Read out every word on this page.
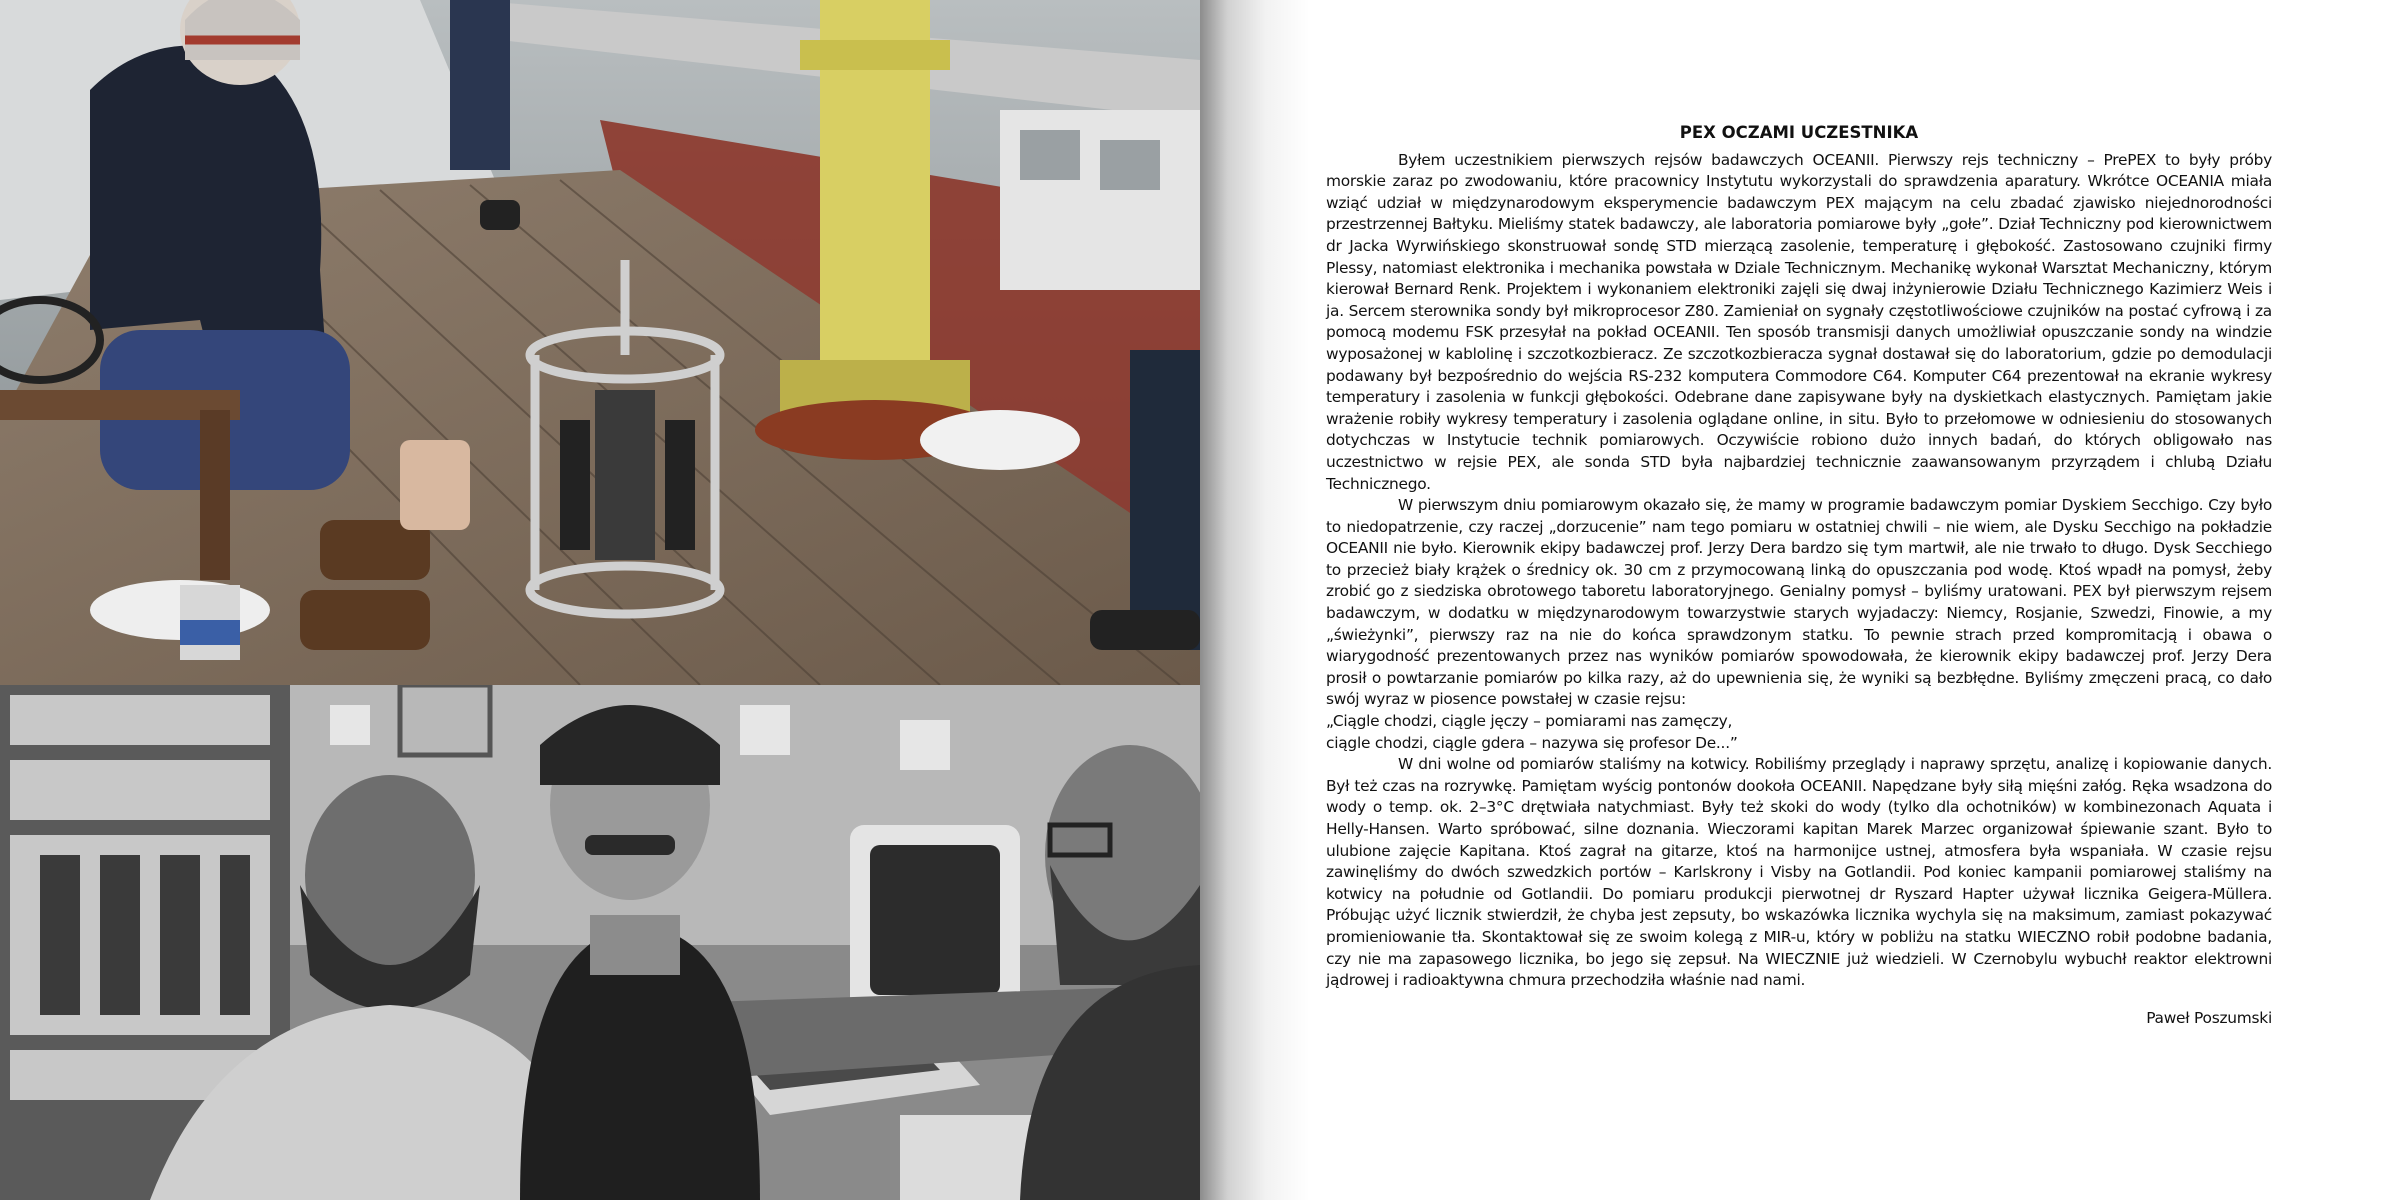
PEX OCZAMI UCZESTNIKA

Byłem uczestnikiem pierwszych rejsów badawczych OCEANII. Pierwszy rejs techniczny – PrePEX to były próby morskie zaraz po zwodowaniu, które pracownicy Instytutu wykorzystali do sprawdzenia aparatury. Wkrótce OCEANIA miała wziąć udział w międzynarodowym eksperymencie badawczym PEX mającym na celu zbadać zjawisko niejednorodności przestrzennej Bałtyku. Mieliśmy statek badawczy, ale laboratoria pomiarowe były „gołe”. Dział Techniczny pod kierownictwem dr Jacka Wyrwińskiego skonstruował sondę STD mierzącą zasolenie, temperaturę i głębokość. Zastosowano czujniki firmy Plessy, natomiast elektronika i mechanika powstała w Dziale Technicznym. Mechanikę wykonał Warsztat Mechaniczny, którym kierował Bernard Renk. Projektem i wykonaniem elektroniki zajęli się dwaj inżynierowie Działu Technicznego Kazimierz Weis i ja. Sercem sterownika sondy był mikroprocesor Z80. Zamieniał on sygnały częstotliwościowe czujników na postać cyfrową i za pomocą modemu FSK przesyłał na pokład OCEANII. Ten sposób transmisji danych umożliwiał opuszczanie sondy na windzie wyposażonej w kablolinę i szczotkozbieracz. Ze szczotkozbieracza sygnał dostawał się do laboratorium, gdzie po demodulacji podawany był bezpośrednio do wejścia RS-232 komputera Commodore C64. Komputer C64 prezentował na ekranie wykresy temperatury i zasolenia w funkcji głębokości. Odebrane dane zapisywane były na dyskietkach elastycznych. Pamiętam jakie wrażenie robiły wykresy temperatury i zasolenia oglądane online, in situ. Było to przełomowe w odniesieniu do stosowanych dotychczas w Instytucie technik pomiarowych. Oczywiście robiono dużo innych badań, do których obligowało nas uczestnictwo w rejsie PEX, ale sonda STD była najbardziej technicznie zaawansowanym przyrządem i chlubą Działu Technicznego.

W pierwszym dniu pomiarowym okazało się, że mamy w programie badawczym pomiar Dyskiem Secchigo. Czy było to niedopatrzenie, czy raczej „dorzucenie” nam tego pomiaru w ostatniej chwili – nie wiem, ale Dysku Secchigo na pokładzie OCEANII nie było. Kierownik ekipy badawczej prof. Jerzy Dera bardzo się tym martwił, ale nie trwało to długo. Dysk Secchiego to przecież biały krążek o średnicy ok. 30 cm z przymocowaną linką do opuszczania pod wodę. Ktoś wpadł na pomysł, żeby zrobić go z siedziska obrotowego taboretu laboratoryjnego. Genialny pomysł – byliśmy uratowani. PEX był pierwszym rejsem badawczym, w dodatku w międzynarodowym towarzystwie starych wyjadaczy: Niemcy, Rosjanie, Szwedzi, Finowie, a my „świeżynki”, pierwszy raz na nie do końca sprawdzonym statku. To pewnie strach przed kompromitacją i obawa o wiarygodność prezentowanych przez nas wyników pomiarów spowodowała, że kierownik ekipy badawczej prof. Jerzy Dera prosił o powtarzanie pomiarów po kilka razy, aż do upewnienia się, że wyniki są bezbłędne. Byliśmy zmęczeni pracą, co dało swój wyraz w piosence powstałej w czasie rejsu:

„Ciągle chodzi, ciągle jęczy – pomiarami nas zamęczy,

ciągle chodzi, ciągle gdera – nazywa się profesor De...”

W dni wolne od pomiarów staliśmy na kotwicy. Robiliśmy przeglądy i naprawy sprzętu, analizę i kopiowanie danych. Był też czas na rozrywkę. Pamiętam wyścig pontonów dookoła OCEANII. Napędzane były siłą mięśni załóg. Ręka wsadzona do wody o temp. ok. 2–3°C drętwiała natychmiast. Były też skoki do wody (tylko dla ochotników) w kombinezonach Aquata i Helly-Hansen. Warto spróbować, silne doznania. Wieczorami kapitan Marek Marzec organizował śpiewanie szant. Było to ulubione zajęcie Kapitana. Ktoś zagrał na gitarze, ktoś na harmonijce ustnej, atmosfera była wspaniała. W czasie rejsu zawinęliśmy do dwóch szwedzkich portów – Karlskrony i Visby na Gotlandii. Pod koniec kampanii pomiarowej staliśmy na kotwicy na południe od Gotlandii. Do pomiaru produkcji pierwotnej dr Ryszard Hapter używał licznika Geigera-Müllera. Próbując użyć licznik stwierdził, że chyba jest zepsuty, bo wskazówka licznika wychyla się na maksimum, zamiast pokazywać promieniowanie tła. Skontaktował się ze swoim kolegą z MIR-u, który w pobliżu na statku WIECZNO robił podobne badania, czy nie ma zapasowego licznika, bo jego się zepsuł. Na WIECZNIE już wiedzieli. W Czernobylu wybuchł reaktor elektrowni jądrowej i radioaktywna chmura przechodziła właśnie nad nami.

Paweł Poszumski
